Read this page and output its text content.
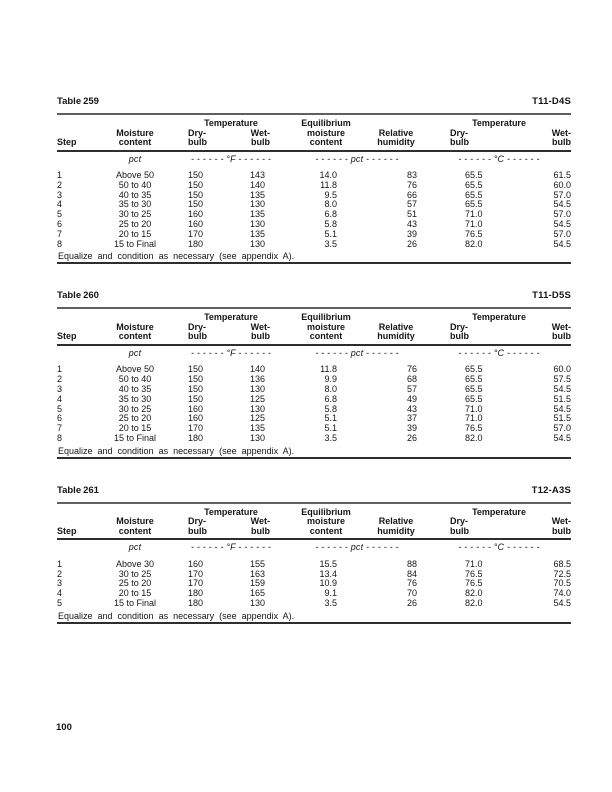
Table 259	T11-D4S
		Temperature		Equilibrium		Temperature	
	Moisture	Dry-	Wet-	moisture	Relative	Dry-	Wet-
Step	content	bulb	bulb	content	humidity	bulb	bulb
	pct	- - - - - - °F - - - - - -		- - - - - - pct - - - - - -		- - - - - - °C - - - - - -	
1	Above 50	150	143	14.0	83	65.5	61.5
2	50 to 40	150	140	11.8	76	65.5	60.0
3	40 to 35	150	135	9.5	66	65.5	57.0
4	35 to 30	150	130	8.0	57	65.5	54.5
5	30 to 25	160	135	6.8	51	71.0	57.0
6	25 to 20	160	130	5.8	43	71.0	54.5
7	20 to 15	170	135	5.1	39	76.5	57.0
8	15 to Final	180	130	3.5	26	82.0	54.5
Equalize and condition as necessary (see appendix A).							
Table 260	T11-D5S
		Temperature		Equilibrium		Temperature	
	Moisture	Dry-	Wet-	moisture	Relative	Dry-	Wet-
Step	content	bulb	bulb	content	humidity	bulb	bulb
	pct	- - - - - - °F - - - - - -		- - - - - - pct - - - - - -		- - - - - - °C - - - - - -	
1	Above 50	150	140	11.8	76	65.5	60.0
2	50 to 40	150	136	9.9	68	65.5	57.5
3	40 to 35	150	130	8.0	57	65.5	54.5
4	35 to 30	150	125	6.8	49	65.5	51.5
5	30 to 25	160	130	5.8	43	71.0	54.5
6	25 to 20	160	125	5.1	37	71.0	51.5
7	20 to 15	170	135	5.1	39	76.5	57.0
8	15 to Final	180	130	3.5	26	82.0	54.5
Equalize and condition as necessary (see appendix A).							
Table 261	T12-A3S
		Temperature		Equilibrium		Temperature	
	Moisture	Dry-	Wet-	moisture	Relative	Dry-	Wet-
Step	content	bulb	bulb	content	humidity	bulb	bulb
	pct	- - - - - - °F - - - - - -		- - - - - - pct - - - - - -		- - - - - - °C - - - - - -	
1	Above 30	160	155	15.5	88	71.0	68.5
2	30 to 25	170	163	13.4	84	76.5	72.5
3	25 to 20	170	159	10.9	76	76.5	70.5
4	20 to 15	180	165	9.1	70	82.0	74.0
5	15 to Final	180	130	3.5	26	82.0	54.5
Equalize and condition as necessary (see appendix A).							
100
